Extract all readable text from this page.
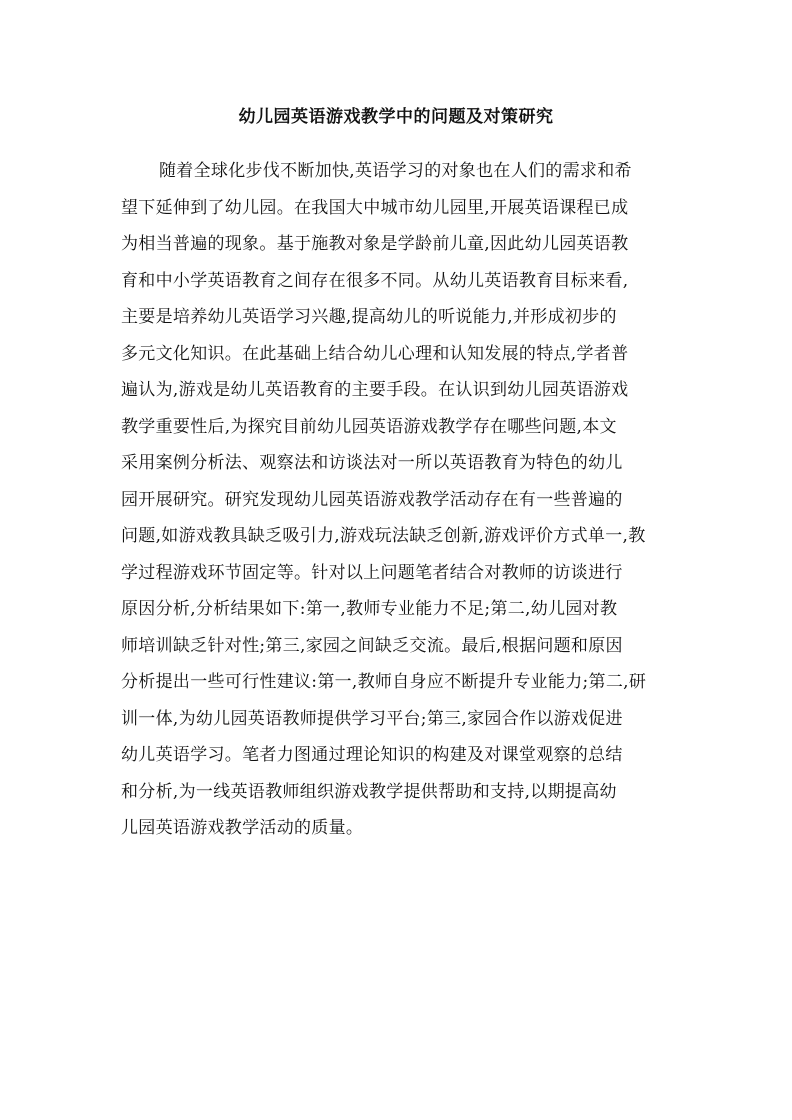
幼儿园英语游戏教学中的问题及对策研究
随着全球化步伐不断加快,英语学习的对象也在人们的需求和希
望下延伸到了幼儿园。在我国大中城市幼儿园里,开展英语课程已成
为相当普遍的现象。基于施教对象是学龄前儿童,因此幼儿园英语教
育和中小学英语教育之间存在很多不同。从幼儿英语教育目标来看,
主要是培养幼儿英语学习兴趣,提高幼儿的听说能力,并形成初步的
多元文化知识。在此基础上结合幼儿心理和认知发展的特点,学者普
遍认为,游戏是幼儿英语教育的主要手段。在认识到幼儿园英语游戏
教学重要性后,为探究目前幼儿园英语游戏教学存在哪些问题,本文
采用案例分析法、观察法和访谈法对一所以英语教育为特色的幼儿
园开展研究。研究发现幼儿园英语游戏教学活动存在有一些普遍的
问题,如游戏教具缺乏吸引力,游戏玩法缺乏创新,游戏评价方式单一,教
学过程游戏环节固定等。针对以上问题笔者结合对教师的访谈进行
原因分析,分析结果如下:第一,教师专业能力不足;第二,幼儿园对教
师培训缺乏针对性;第三,家园之间缺乏交流。最后,根据问题和原因
分析提出一些可行性建议:第一,教师自身应不断提升专业能力;第二,研
训一体,为幼儿园英语教师提供学习平台;第三,家园合作以游戏促进
幼儿英语学习。笔者力图通过理论知识的构建及对课堂观察的总结
和分析,为一线英语教师组织游戏教学提供帮助和支持,以期提高幼
儿园英语游戏教学活动的质量。
